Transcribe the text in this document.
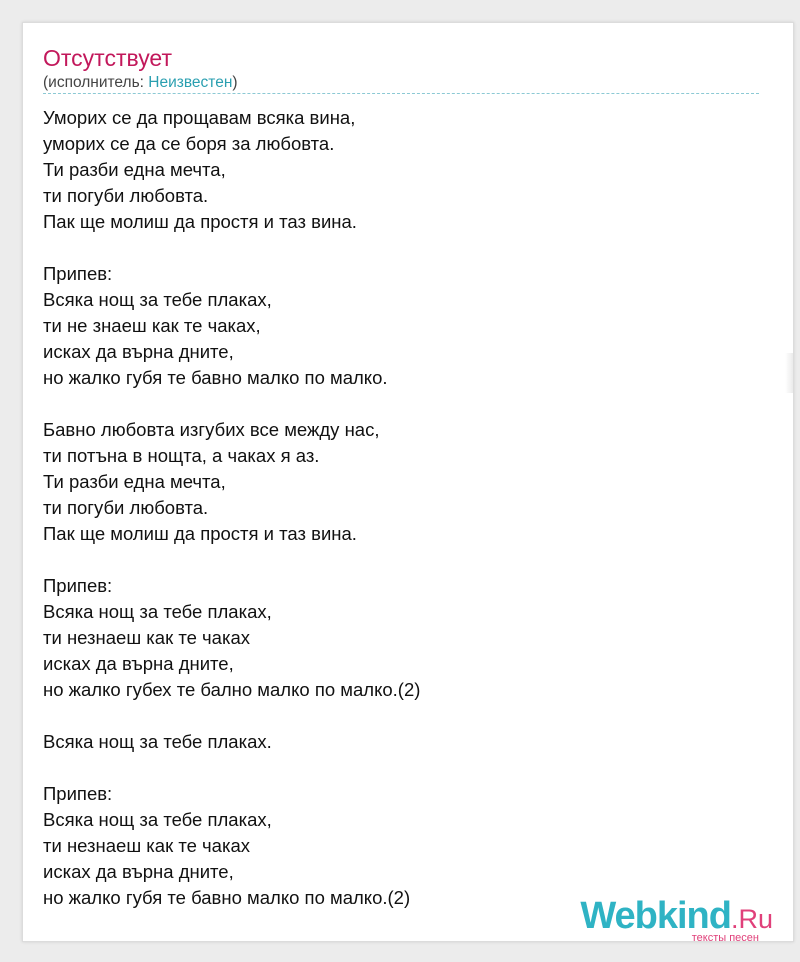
Отсутствует
(исполнитель: Неизвестен)
Уморих се да прощавам всяка вина,
уморих се да се боря за любовта.
Ти разби една мечта,
ти погуби любовта.
Пак ще молиш да простя и таз вина.
Припев:
Всяка нощ за тебе плаках,
ти не знаеш как те чаках,
исках да върна дните,
но жалко губя те бавно малко по малко.
Бавно любовта изгубих все между нас,
ти потъна в нощта, а чаках я аз.
Ти разби една мечта,
ти погуби любовта.
Пак ще молиш да простя и таз вина.
Припев:
Всяка нощ за тебе плаках,
ти незнаеш как те чаках
исках да върна дните,
но жалко губех те бално малко по малко.(2)
Всяка нощ за тебе плаках.
Припев:
Всяка нощ за тебе плаках,
ти незнаеш как те чаках
исках да върна дните,
но жалко губя те бавно малко по малко.(2)	Webkind.Ru
тексты песен
